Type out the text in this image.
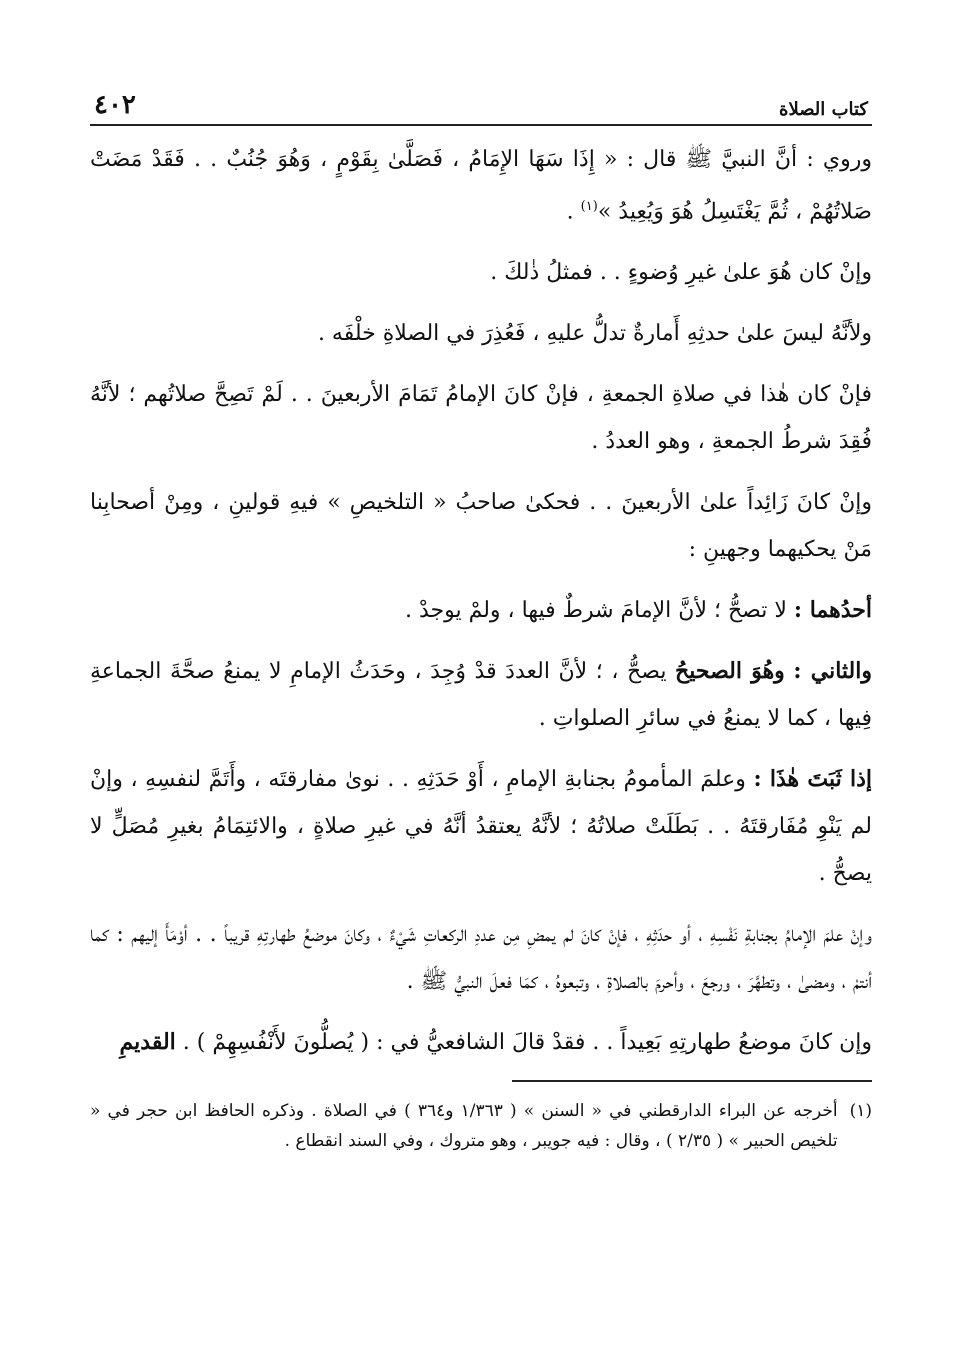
كتاب الصلاة
٤٠٢

وروي : أنَّ النبيَّ ﷺ قال : « إِذَا سَهَا الإِمَامُ ، فَصَلَّىٰ بِقَوْمٍ ، وَهُوَ جُنُبٌ . . فَقَدْ مَضَتْ صَلاتُهُمْ ، ثُمَّ يَغْتَسِلُ هُوَ وَيُعِيدُ »$^{(١)}$ .

وإنْ كان هُوَ علىٰ غيرِ وُضوءٍ . . فمثلُ ذٰلكَ .

ولأنَّهُ ليسَ علىٰ حدثِهِ أَمارةٌ تدلُّ عليهِ ، فَعُذِرَ في الصلاةِ خلْفَه .

فإنْ كان هٰذا في صلاةِ الجمعةِ ، فإنْ كانَ الإمامُ تَمَامَ الأربعينَ . . لَمْ تَصِحَّ صلاتُهم ؛ لأنَّهُ فُقِدَ شرطُ الجمعةِ ، وهو العددُ .

وإنْ كانَ زَائِداً علىٰ الأربعينَ . . فحكىٰ صاحبُ « التلخيصِ » فيهِ قولينِ ، ومِنْ أصحابِنا مَنْ يحكيهما وجهينِ :

أحدُهما : لا تصحُّ ؛ لأنَّ الإمامَ شرطٌ فيها ، ولمْ يوجدْ .

والثاني : وهُوَ الصحيحُ يصحُّ ، ؛ لأنَّ العددَ قدْ وُجِدَ ، وحَدَثُ الإمامِ لا يمنعُ صحَّةَ الجماعةِ فِيها ، كما لا يمنعُ في سائرِ الصلواتِ .

إذا ثَبَتَ هٰذَا : وعلمَ المأمومُ بجنابةِ الإمامِ ، أَوْ حَدَثِهِ . . نوىٰ مفارقتَه ، وأَتَمَّ لنفسِهِ ، وإنْ لم يَنْوِ مُفَارقتَهُ . . بَطَلَتْ صلاتُهُ ؛ لأنَّهُ يعتقدُ أنَّهُ في غيرِ صلاةٍ ، والائتِمَامُ بغيرِ مُصَلٍّ لا يصحُّ .

وإنْ علمَ الإمامُ بجنابةِ نَفْسِهِ ، أو حدَثِهِ ، فإنْ كانَ لم يمضِ مِن عددِ الركعاتِ شَيْءٌ ، وكانَ موضعُ طهارتِهِ قريباً . . أوْمَأَ إليهم : كما أنتمْ ، ومضىٰ ، وتطهَّرَ ، ورجعَ ، وأحرمَ بالصلاةِ ، وتبعوهُ ، كمَا فعلَ النبيُّ ﷺ .

وإن كانَ موضعُ طهارتِهِ بَعِيداً . . فقدْ قالَ الشافعيُّ في : ( يُصلُّونَ لأَنْفُسِهِمْ ) . القديمِ

(١)
أخرجه عن البراء الدارقطني في « السنن » ( ١/٣٦٣ و٣٦٤ ) في الصلاة . وذكره الحافظ ابن حجر في « تلخيص الحبير » ( ٢/٣٥ ) ، وقال : فيه جويبر ، وهو متروك ، وفي السند انقطاع .
